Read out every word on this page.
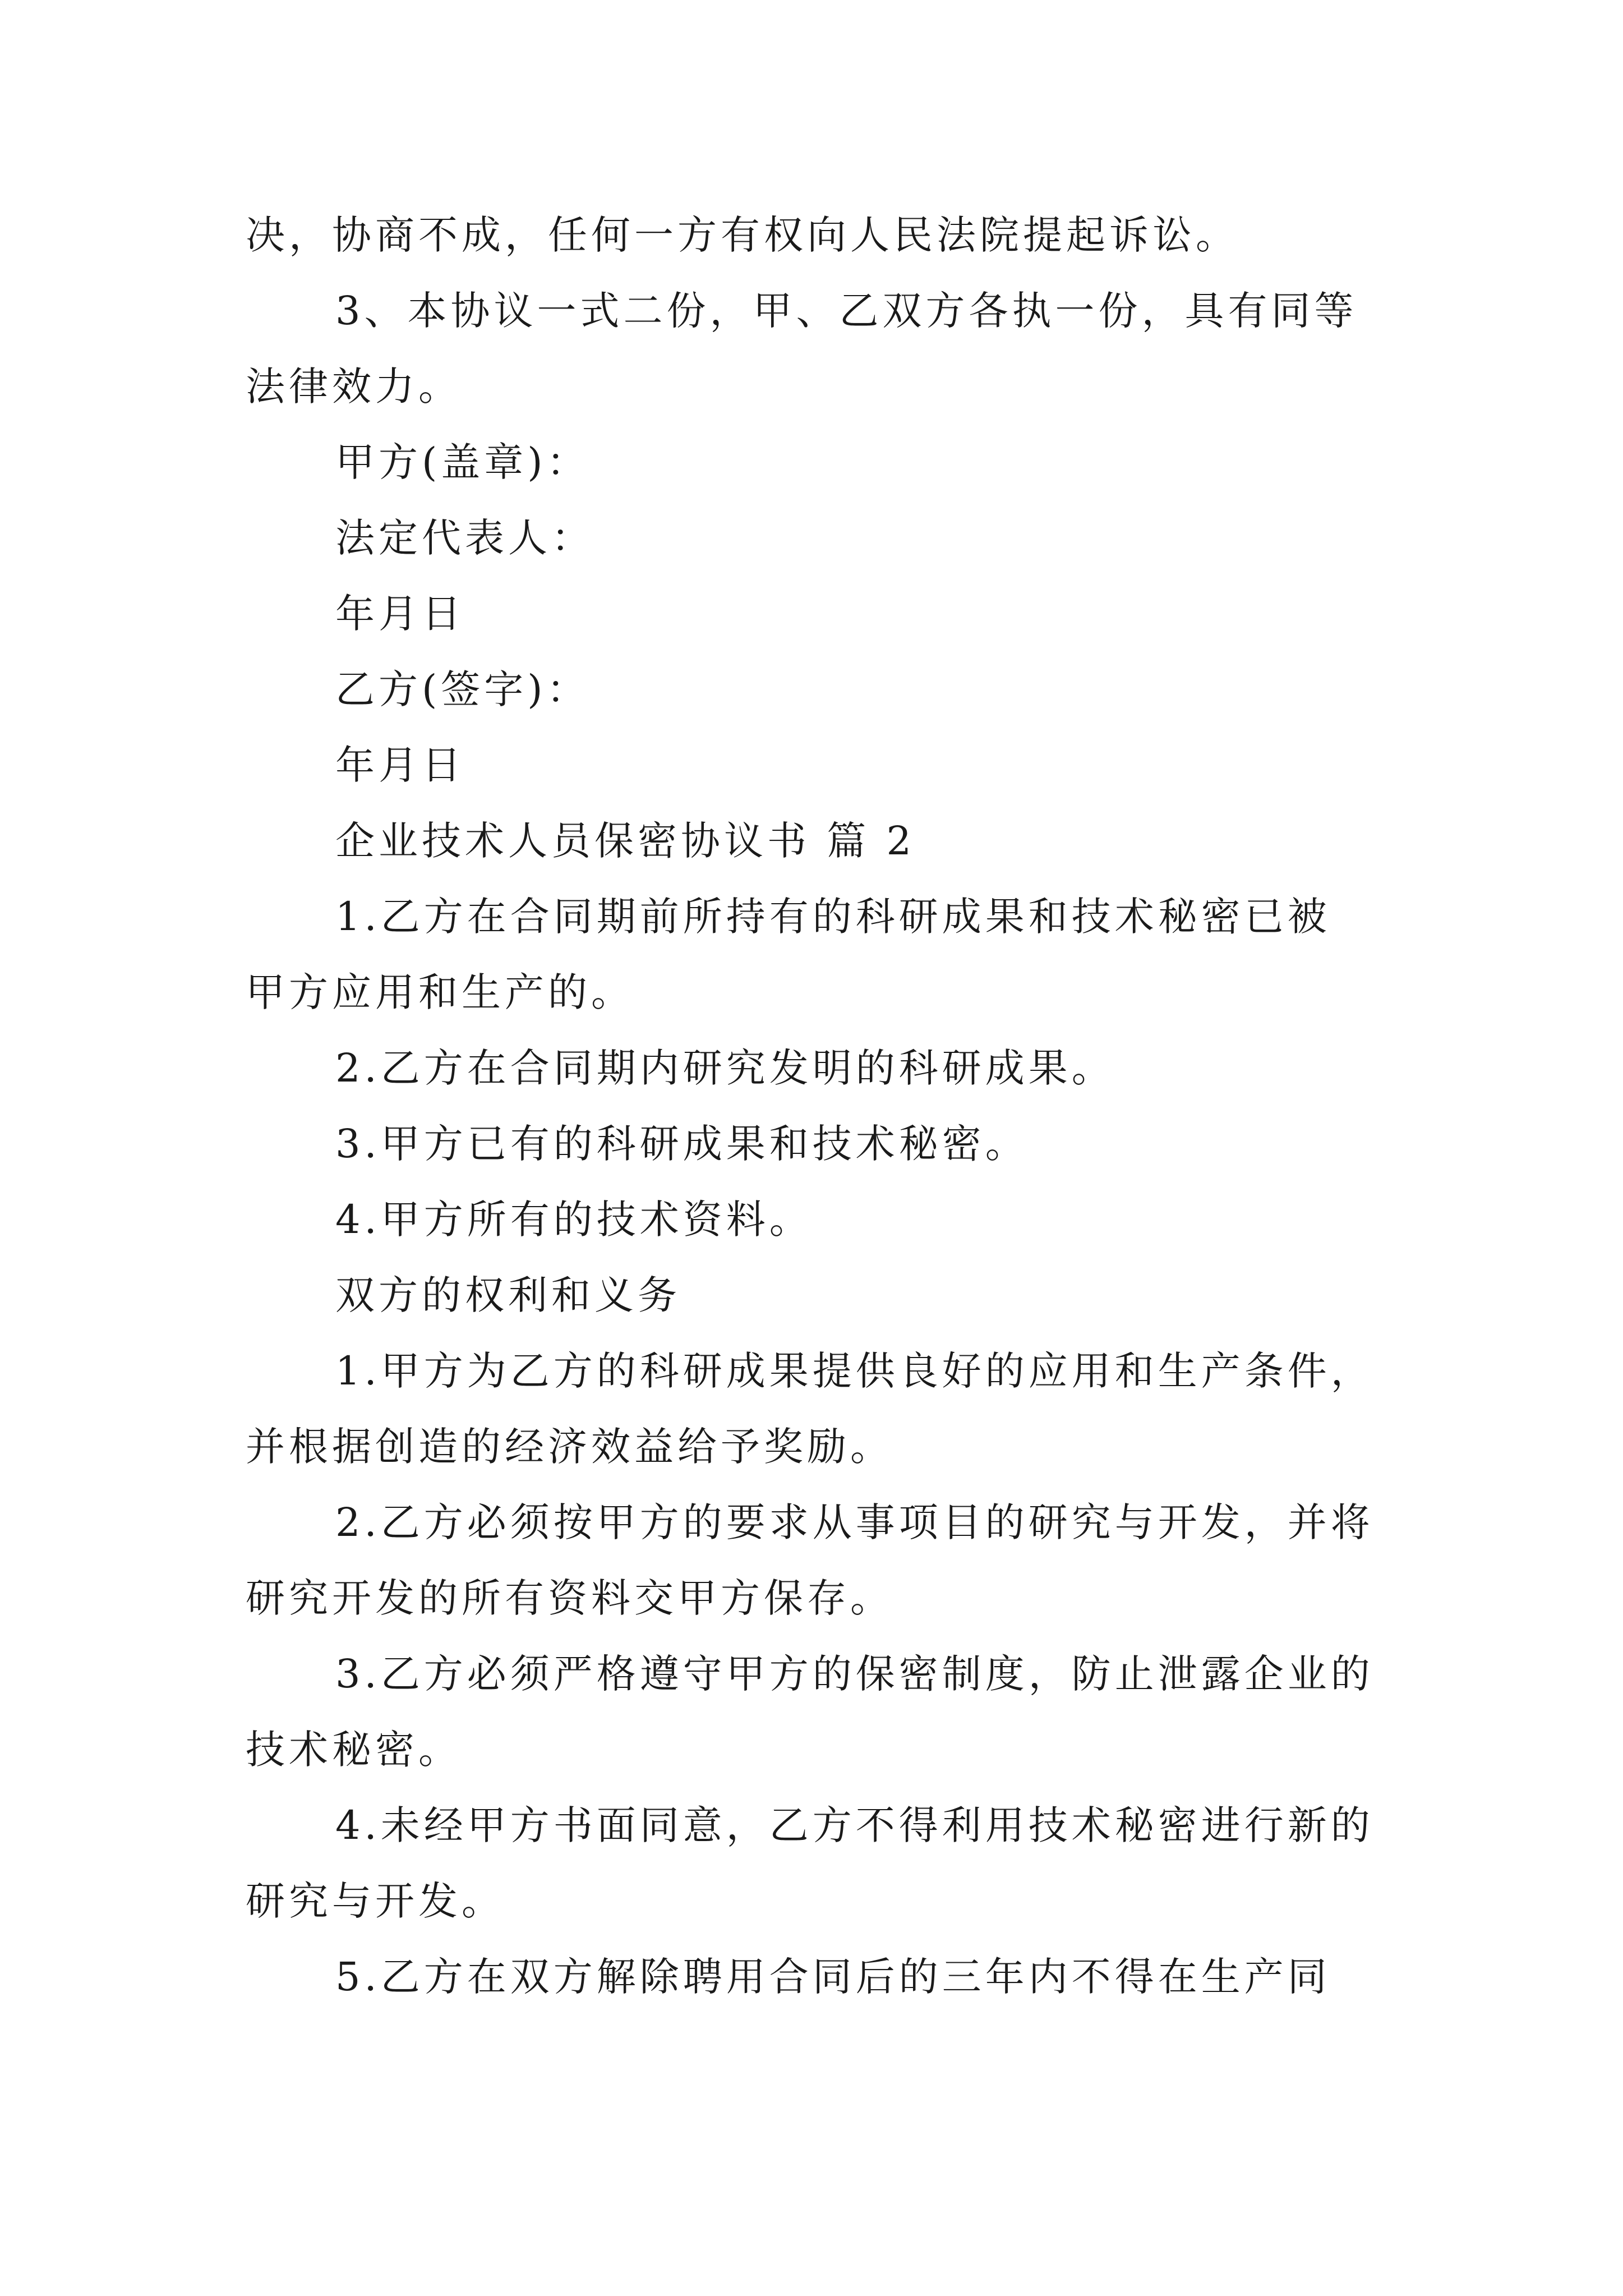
决，协商不成，任何一方有权向人民法院提起诉讼。
3、本协议一式二份，甲、乙双方各执一份，具有同等
法律效力。
甲方(盖章)：
法定代表人：
年月日
乙方(签字)：
年月日
企业技术人员保密协议书 篇 2
1.乙方在合同期前所持有的科研成果和技术秘密已被
甲方应用和生产的。
2.乙方在合同期内研究发明的科研成果。
3.甲方已有的科研成果和技术秘密。
4.甲方所有的技术资料。
双方的权利和义务
1.甲方为乙方的科研成果提供良好的应用和生产条件，
并根据创造的经济效益给予奖励。
2.乙方必须按甲方的要求从事项目的研究与开发，并将
研究开发的所有资料交甲方保存。
3.乙方必须严格遵守甲方的保密制度，防止泄露企业的
技术秘密。
4.未经甲方书面同意，乙方不得利用技术秘密进行新的
研究与开发。
5.乙方在双方解除聘用合同后的三年内不得在生产同
